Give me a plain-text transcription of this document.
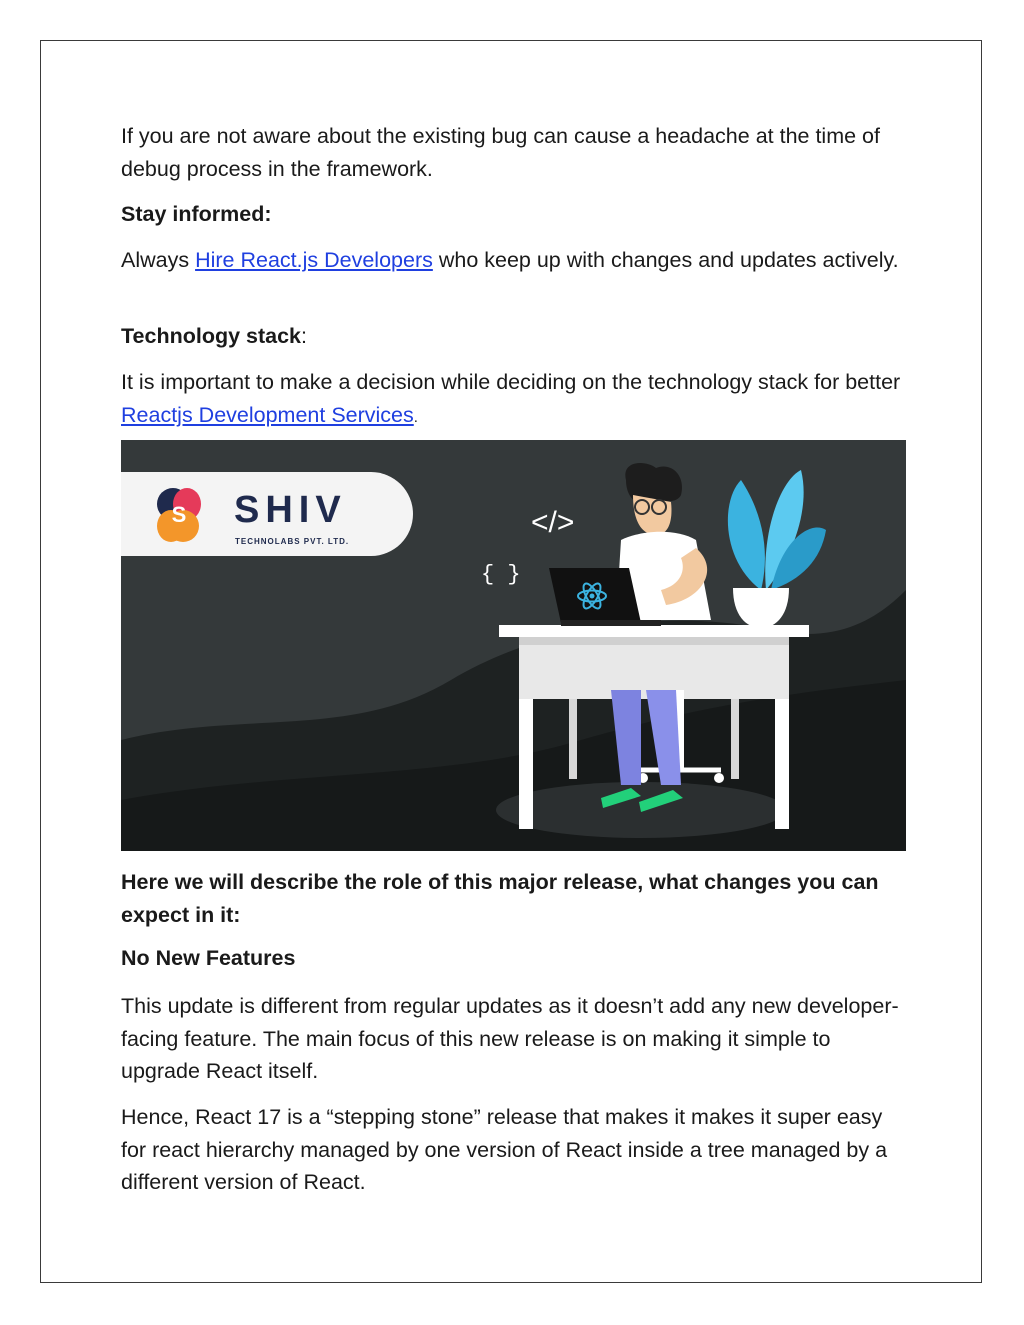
If you are not aware about the existing bug can cause a headache at the time of debug process in the framework.

Stay informed:

Always Hire React.js Developers who keep up with changes and updates actively.

Technology stack:

It is important to make a decision while deciding on the technology stack for better Reactjs Development Services.

S SHIV
TECHNOLABS PVT. LTD.
</>
{ }

Here we will describe the role of this major release, what changes you can expect in it:

No New Features

This update is different from regular updates as it doesn’t add any new developer-facing feature. The main focus of this new release is on making it simple to upgrade React itself.

Hence, React 17 is a “stepping stone” release that makes it makes it super easy for react hierarchy managed by one version of React inside a tree managed by a different version of React.
